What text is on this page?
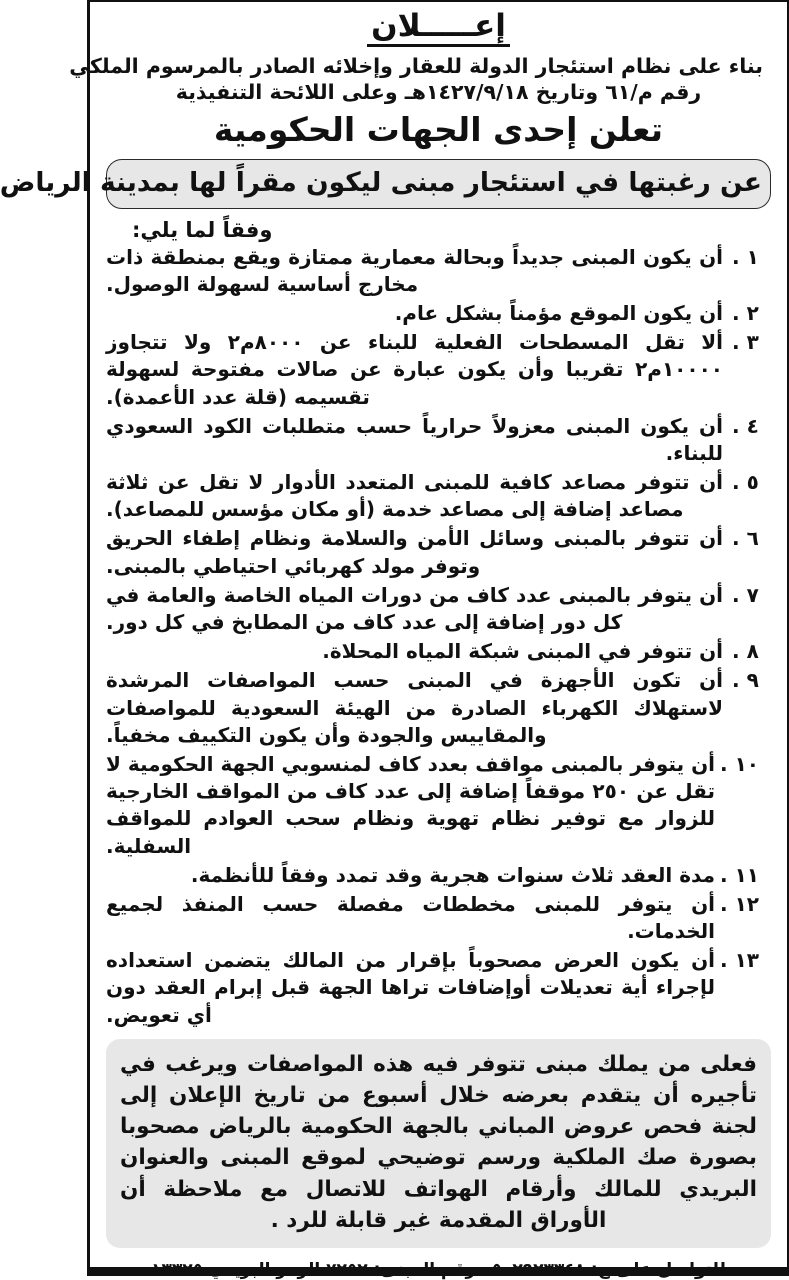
إعـــــلان
بناء على نظام استئجار الدولة للعقار وإخلائه الصادر بالمرسوم الملكي
رقم م/٦١ وتاريخ ١٤٢٧/٩/١٨هـ وعلى اللائحة التنفيذية
تعلن إحدى الجهات الحكومية
عن رغبتها في استئجار مبنى ليكون مقراً لها بمدينة الرياض
وفقاً لما يلي:
١ .
أن يكون المبنى جديداً وبحالة معمارية ممتازة ويقع بمنطقة ذات مخارج أساسية لسهولة الوصول.
٢ .
أن يكون الموقع مؤمناً بشكل عام.
٣ .
ألا تقل المسطحات الفعلية للبناء عن ٨٠٠٠م٢ ولا تتجاوز ١٠٠٠٠م٢ تقريبا وأن يكون عبارة عن صالات مفتوحة لسهولة تقسيمه (قلة عدد الأعمدة).
٤ .
أن يكون المبنى معزولاً حرارياً حسب متطلبات الكود السعودي للبناء.
٥ .
أن تتوفر مصاعد كافية للمبنى المتعدد الأدوار لا تقل عن ثلاثة مصاعد إضافة إلى مصاعد خدمة (أو مكان مؤسس للمصاعد).
٦ .
أن تتوفر بالمبنى وسائل الأمن والسلامة ونظام إطفاء الحريق وتوفر مولد كهربائي احتياطي بالمبنى.
٧ .
أن يتوفر بالمبنى عدد كاف من دورات المياه الخاصة والعامة في كل دور إضافة إلى عدد كاف من المطابخ في كل دور.
٨ .
أن تتوفر في المبنى شبكة المياه المحلاة.
٩ .
أن تكون الأجهزة في المبنى حسب المواصفات المرشدة لاستهلاك الكهرباء الصادرة من الهيئة السعودية للمواصفات والمقاييس والجودة وأن يكون التكييف مخفياً.
١٠ .
أن يتوفر بالمبنى مواقف بعدد كاف لمنسوبي الجهة الحكومية لا تقل عن ٢٥٠ موقفاً إضافة إلى عدد كاف من المواقف الخارجية للزوار مع توفير نظام تهوية ونظام سحب العوادم للمواقف السفلية.
١١ .
مدة العقد ثلاث سنوات هجرية وقد تمدد وفقاً للأنظمة.
١٢ .
أن يتوفر للمبنى مخططات مفصلة حسب المنفذ لجميع الخدمات.
١٣ .
أن يكون العرض مصحوباً بإقرار من المالك يتضمن استعداده لإجراء أية تعديلات أوإضافات تراها الجهة قبل إبرام العقد دون أي تعويض.
فعلى من يملك مبنى تتوفر فيه هذه المواصفات ويرغب في تأجيره أن يتقدم بعرضه خلال أسبوع من تاريخ الإعلان إلى لجنة فحص عروض المباني بالجهة الحكومية بالرياض مصحوبا بصورة صك الملكية ورسم توضيحي لموقع المبنى والعنوان البريدي للمالك وأرقام الهواتف للاتصال مع ملاحظة أن الأوراق المقدمة غير قابلة للرد .
للتواصل على ج: ٠٥٠٢٩٢٣٣٤٨ رقم المبنى: ٧٢٥٢ الرمز البريدي ١٣٣٢٥
